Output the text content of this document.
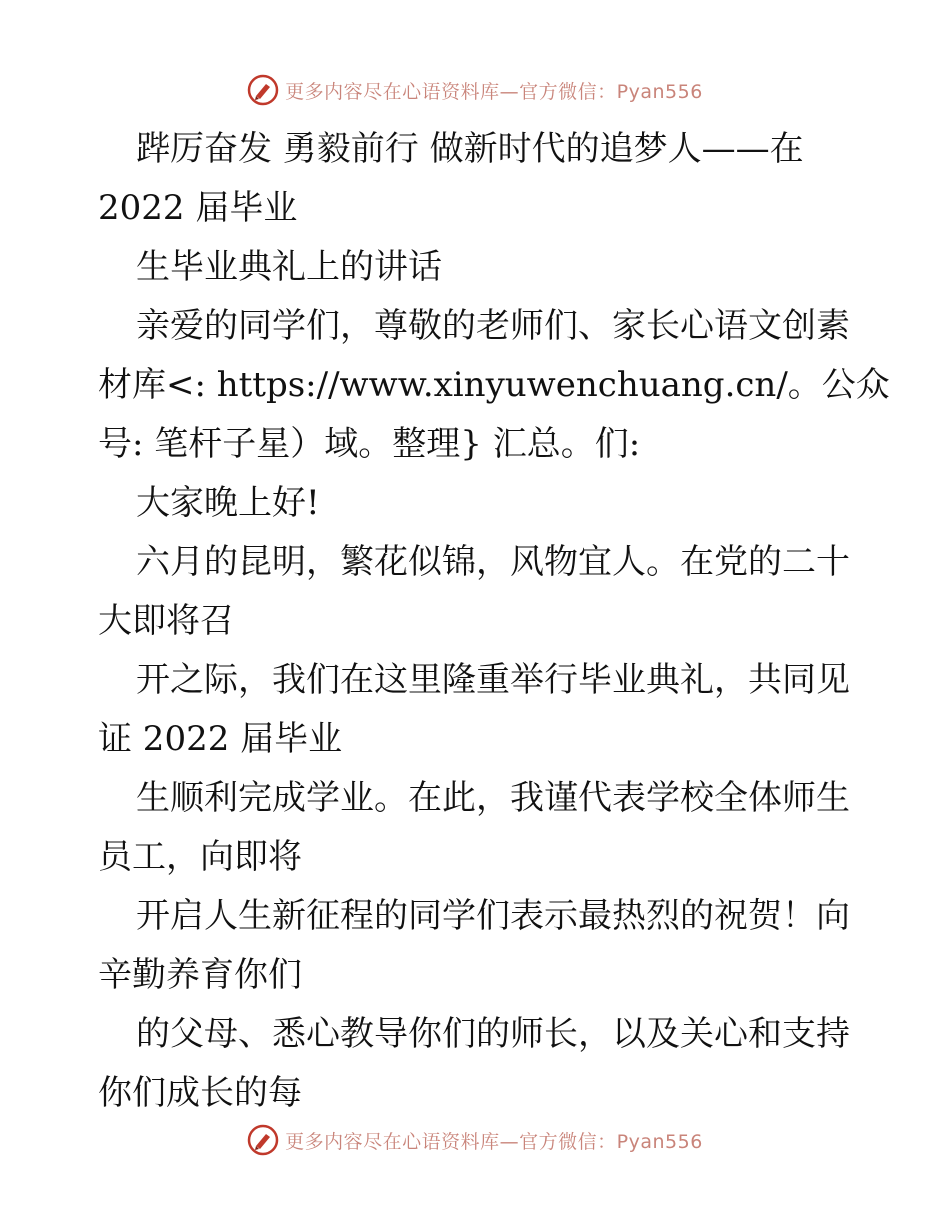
更多内容尽在心语资料库—官方微信：Pyan556
跸厉奋发 勇毅前行 做新时代的追梦人——在
2022 届毕业
生毕业典礼上的讲话
亲爱的同学们，尊敬的老师们、家长心语文创素
材库<: https://www.xinyuwenchuang.cn/。公众
号: 笔杆子星）域。整理} 汇总。们:
大家晚上好!
六月的昆明，繁花似锦，风物宜人。在党的二十
大即将召
开之际，我们在这里隆重举行毕业典礼，共同见
证 2022 届毕业
生顺利完成学业。在此，我谨代表学校全体师生
员工，向即将
开启人生新征程的同学们表示最热烈的祝贺！向
辛勤养育你们
的父母、悉心教导你们的师长，以及关心和支持
你们成长的每
更多内容尽在心语资料库—官方微信：Pyan556
